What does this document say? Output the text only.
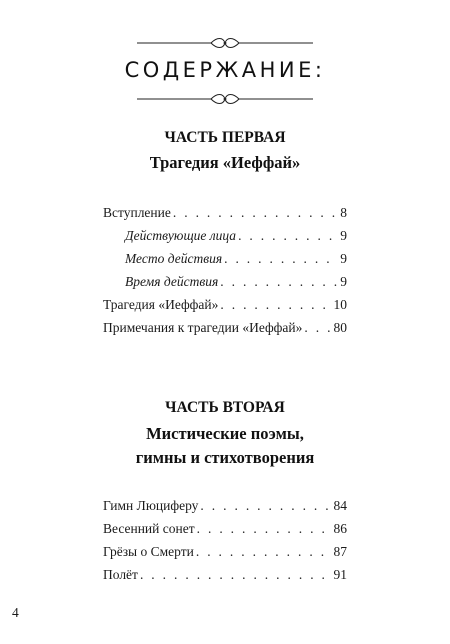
СОДЕРЖАНИЕ:
ЧАСТЬ ПЕРВАЯ
Трагедия «Иеффай»
Вступление . . .	8
Действующие лица . . .	9
Место действия . . .	9
Время действия . . .	9
Трагедия «Иеффай» . . .	10
Примечания к трагедии «Иеффай» . . . 80
ЧАСТЬ ВТОРАЯ
Мистические поэмы,
гимны и стихотворения
Гимн Люциферу . . .	84
Весенний сонет . . .	86
Грёзы о Смерти . . .	87
Полёт . . .	91
4
